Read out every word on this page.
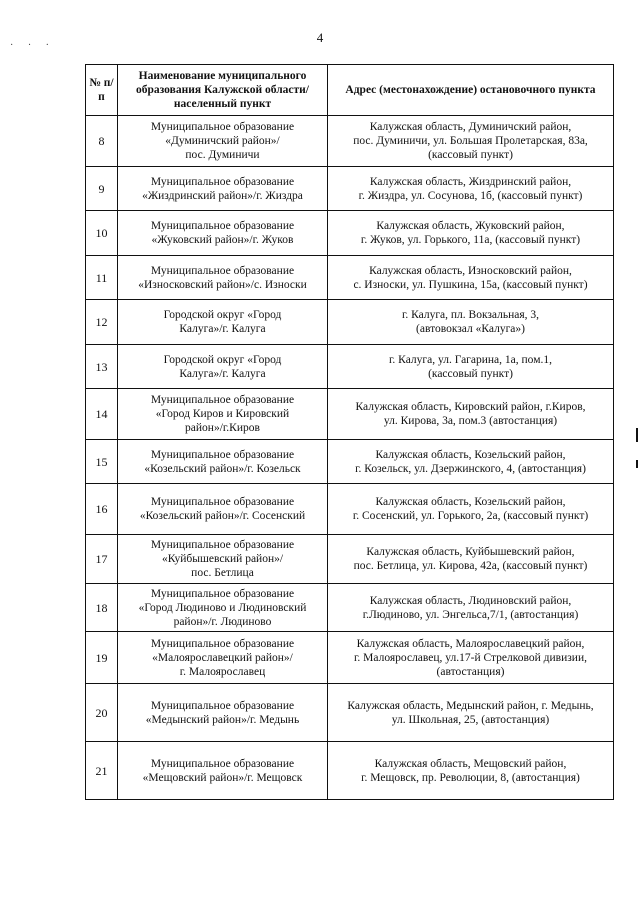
4
· · ·
№ п/п	Наименование муниципального образования Калужской области/населенный пункт	Адрес (местонахождение) остановочного пункта
8	Муниципальное образование
«Думиничский район»/
пос. Думиничи	Калужская область, Думиничский район,
пос. Думиничи, ул. Большая Пролетарская, 83а,
(кассовый пункт)
9	Муниципальное образование
«Жиздринский район»/г. Жиздра	Калужская область, Жиздринский район,
г. Жиздра, ул. Сосунова, 1б, (кассовый пункт)
10	Муниципальное образование
«Жуковский район»/г. Жуков	Калужская область, Жуковский район,
г. Жуков, ул. Горького, 11а, (кассовый пункт)
11	Муниципальное образование
«Износковский район»/с. Износки	Калужская область, Износковский район,
с. Износки, ул. Пушкина, 15а, (кассовый пункт)
12	Городской округ «Город
Калуга»/г. Калуга	г. Калуга, пл. Вокзальная, 3,
(автовокзал «Калуга»)
13	Городской округ «Город
Калуга»/г. Калуга	г. Калуга, ул. Гагарина, 1а, пом.1,
(кассовый пункт)
14	Муниципальное образование
«Город Киров и Кировский
район»/г.Киров	Калужская область, Кировский район, г.Киров,
ул. Кирова, 3а, пом.3 (автостанция)
15	Муниципальное образование
«Козельский район»/г. Козельск	Калужская область, Козельский район,
г. Козельск, ул. Дзержинского, 4, (автостанция)
16	Муниципальное образование
«Козельский район»/г. Сосенский	Калужская область, Козельский район,
г. Сосенский, ул. Горького, 2а, (кассовый пункт)
17	Муниципальное образование
«Куйбышевский район»/
пос. Бетлица	Калужская область, Куйбышевский район,
пос. Бетлица, ул. Кирова, 42а, (кассовый пункт)
18	Муниципальное образование
«Город Людиново и Людиновский
район»/г. Людиново	Калужская область, Людиновский район,
г.Людиново, ул. Энгельса,7/1, (автостанция)
19	Муниципальное образование
«Малоярославецкий район»/
г. Малоярославец	Калужская область, Малоярославецкий район,
г. Малоярославец, ул.17-й Стрелковой дивизии,
(автостанция)
20	Муниципальное образование
«Медынский район»/г. Медынь	Калужская область, Медынский район, г. Медынь,
ул. Школьная, 25, (автостанция)
21	Муниципальное образование
«Мещовский район»/г. Мещовск	Калужская область, Мещовский район,
г. Мещовск, пр. Революции, 8, (автостанция)
